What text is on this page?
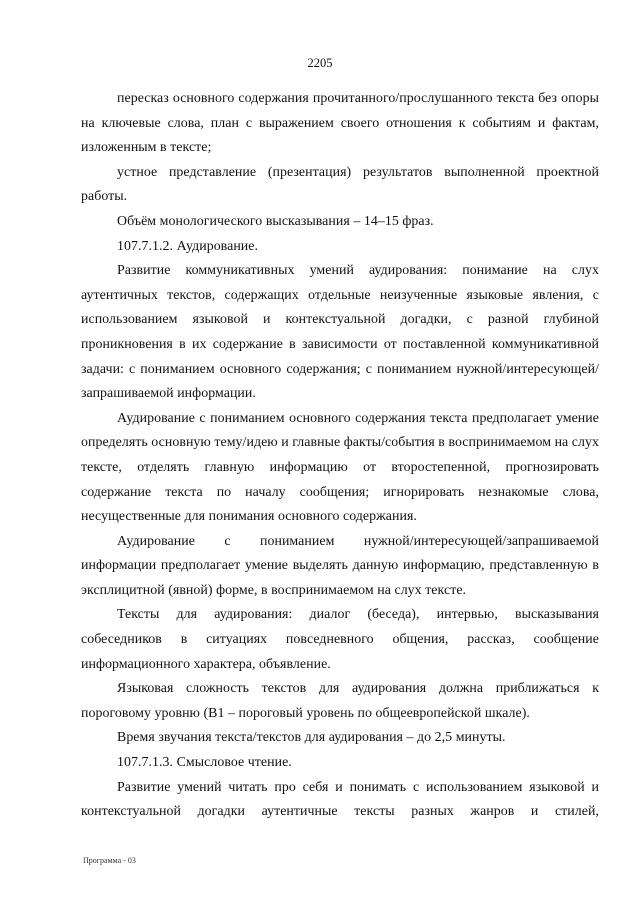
2205

пересказ основного содержания прочитанного/прослушанного текста без опоры на ключевые слова, план с выражением своего отношения к событиям и фактам, изложенным в тексте;

устное представление (презентация) результатов выполненной проектной работы.

Объём монологического высказывания – 14–15 фраз.

107.7.1.2. Аудирование.

Развитие коммуникативных умений аудирования: понимание на слух аутентичных текстов, содержащих отдельные неизученные языковые явления, с использованием языковой и контекстуальной догадки, с разной глубиной проникновения в их содержание в зависимости от поставленной коммуникативной задачи: с пониманием основного содержания; с пониманием нужной/интересующей/запрашиваемой информации.

Аудирование с пониманием основного содержания текста предполагает умение определять основную тему/идею и главные факты/события в воспринимаемом на слух тексте, отделять главную информацию от второстепенной, прогнозировать содержание текста по началу сообщения; игнорировать незнакомые слова, несущественные для понимания основного содержания.

Аудирование с пониманием нужной/интересующей/запрашиваемой информации предполагает умение выделять данную информацию, представленную в эксплицитной (явной) форме, в воспринимаемом на слух тексте.

Тексты для аудирования: диалог (беседа), интервью, высказывания собеседников в ситуациях повседневного общения, рассказ, сообщение информационного характера, объявление.

Языковая сложность текстов для аудирования должна приближаться к пороговому уровню (B1 – пороговый уровень по общеевропейской шкале).

Время звучания текста/текстов для аудирования – до 2,5 минуты.

107.7.1.3. Смысловое чтение.

Развитие умений читать про себя и понимать с использованием языковой и контекстуальной догадки аутентичные тексты разных жанров и стилей,

Программа - 03
